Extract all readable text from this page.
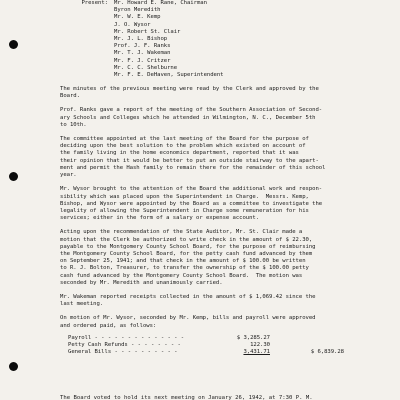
Present:	Mr. Howard E. Rane, Chairman
Byron Meredith
Mr. W. E. Kemp
J. O. Wysor
Mr. Robert St. Clair
Mr. J. L. Bishop
Prof. J. F. Ranks
Mr. T. J. Wakeman
Mr. F. J. Critzer
Mr. C. C. Shelburne
Mr. F. E. DeHaven, Superintendent
The minutes of the previous meeting were read by the Clerk and approved by the
Board.
Prof. Ranks gave a report of the meeting of the Southern Association of Second-
ary Schools and Colleges which he attended in Wilmington, N. C., December 5th
to 10th.
The committee appointed at the last meeting of the Board for the purpose of
deciding upon the best solution to the problem which existed on account of
the family living in the home economics department, reported that it was
their opinion that it would be better to put an outside stairway to the apart-
ment and permit the Hash family to remain there for the remainder of this school
year.
Mr. Wysor brought to the attention of the Board the additional work and respon-
sibility which was placed upon the Superintendent in Charge.  Messrs. Kemp,
Bishop, and Wysor were appointed by the Board as a committee to investigate the
legality of allowing the Superintendent in Charge some remuneration for his
services; either in the form of a salary or expense account.
Acting upon the recommendation of the State Auditor, Mr. St. Clair made a
motion that the Clerk be authorized to write check in the amount of $ 22.30,
payable to the Montgomery County School Board, for the purpose of reimbursing
the Montgomery County School Board, for the petty cash fund advanced by them
on September 25, 1941; and that check in the amount of $ 100.00 be written
to R. J. Bolton, Treasurer, to transfer the ownership of the $ 100.00 petty
cash fund advanced by the Montgomery County School Board.  The motion was
seconded by Mr. Meredith and unanimously carried.
Mr. Wakeman reported receipts collected in the amount of $ 1,069.42 since the
last meeting.
On motion of Mr. Wysor, seconded by Mr. Kemp, bills and payroll were approved
and ordered paid, as follows:
Payroll - - - - - - - - - - - - - -	$ 3,285.27
Petty Cash Refunds - - - - - - - -	122.30
General Bills - - - - - - - - - -	3,431.71	$ 6,839.28
The Board voted to hold its next meeting on January 26, 1942, at 7:30 P. M.
